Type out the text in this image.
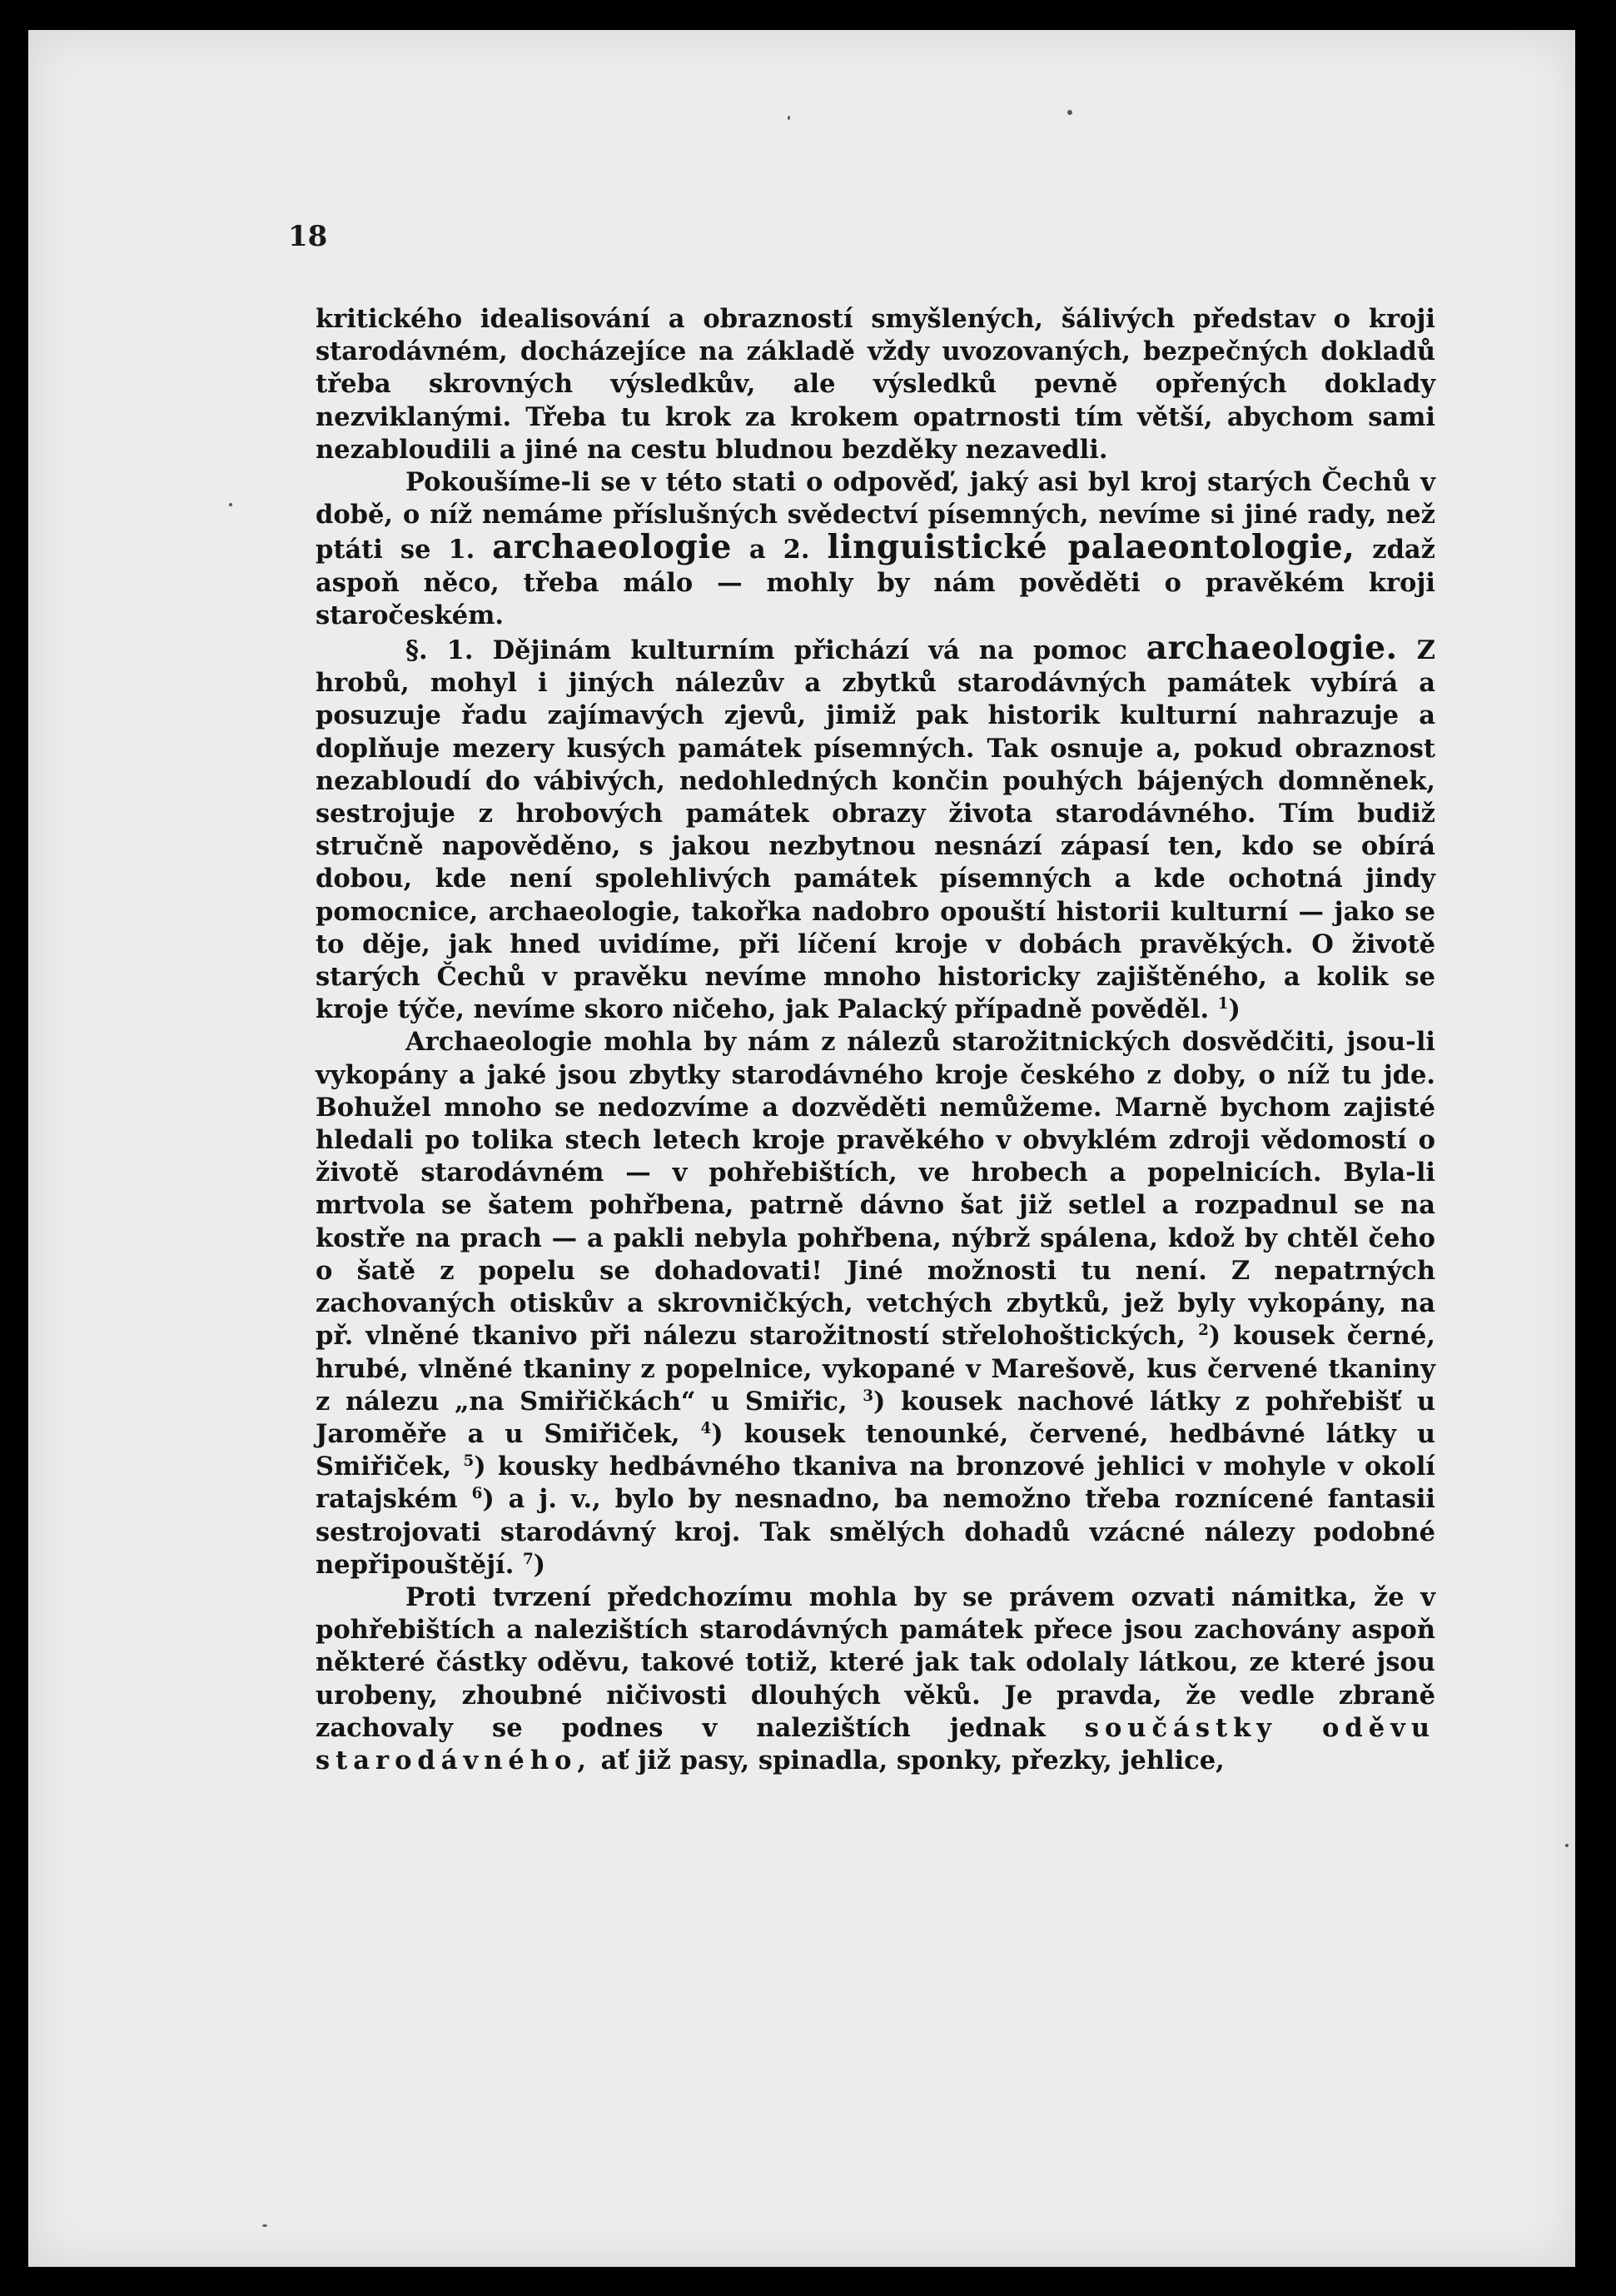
18

kritického idealisování a obrazností smyšlených, šálivých představ o kroji starodávném, docházejíce na základě vždy uvozovaných, bezpečných dokladů třeba skrovných výsledkův, ale výsledků pevně opřených doklady nezviklanými. Třeba tu krok za krokem opatrnosti tím větší, abychom sami nezabloudili a jiné na cestu bludnou bezděky nezavedli.

Pokoušíme-li se v této stati o odpověď, jaký asi byl kroj starých Čechů v době, o níž nemáme příslušných svědectví písemných, nevíme si jiné rady, než ptáti se 1. archaeologie a 2. linguistické palaeontologie, zdaž aspoň něco, třeba málo — mohly by nám pověděti o pravěkém kroji staročeském.

§. 1. Dějinám kulturním přichází vá na pomoc archaeologie. Z hrobů, mohyl i jiných nálezův a zbytků starodávných památek vybírá a posuzuje řadu zajímavých zjevů, jimiž pak historik kulturní nahrazuje a doplňuje mezery kusých památek písemných. Tak osnuje a, pokud obraznost nezabloudí do vábivých, nedohledných končin pouhých bájených domněnek, sestrojuje z hrobových památek obrazy života starodávného. Tím budiž stručně napověděno, s jakou nezbytnou nesnází zápasí ten, kdo se obírá dobou, kde není spolehlivých památek písemných a kde ochotná jindy pomocnice, archaeologie, takořka nadobro opouští historii kulturní — jako se to děje, jak hned uvidíme, při líčení kroje v dobách pravěkých. O životě starých Čechů v pravěku nevíme mnoho historicky zajištěného, a kolik se kroje týče, nevíme skoro ničeho, jak Palacký případně pověděl. $^1$)

Archaeologie mohla by nám z nálezů starožitnických dosvědčiti, jsou-li vykopány a jaké jsou zbytky starodávného kroje českého z doby, o níž tu jde. Bohužel mnoho se nedozvíme a dozvěděti nemůžeme. Marně bychom zajisté hledali po tolika stech letech kroje pravěkého v obvyklém zdroji vědomostí o životě starodávném — v pohřebištích, ve hrobech a popelnicích. Byla-li mrtvola se šatem pohřbena, patrně dávno šat již setlel a rozpadnul se na kostře na prach — a pakli nebyla pohřbena, nýbrž spálena, kdož by chtěl čeho o šatě z popelu se dohadovati! Jiné možnosti tu není. Z nepatrných zachovaných otiskův a skrovničkých, vetchých zbytků, jež byly vykopány, na př. vlněné tkanivo při nálezu starožitností střelohoštických, $^2$) kousek černé, hrubé, vlněné tkaniny z popelnice, vykopané v Marešově, kus červené tkaniny z nálezu „na Smiřičkách“ u Smiřic, $^3$) kousek nachové látky z pohřebišť u Jaroměře a u Smiřiček, $^4$) kousek tenounké, červené, hedbávné látky u Smiřiček, $^5$) kousky hedbávného tkaniva na bronzové jehlici v mohyle v okolí ratajském $^6$) a j. v., bylo by nesnadno, ba nemožno třeba roznícené fantasii sestrojovati starodávný kroj. Tak smělých dohadů vzácné nálezy podobné nepřipouštějí. $^7$)

Proti tvrzení předchozímu mohla by se právem ozvati námitka, že v pohřebištích a nalezištích starodávných památek přece jsou zachovány aspoň některé částky oděvu, takové totiž, které jak tak odolaly látkou, ze které jsou urobeny, zhoubné ničivosti dlouhých věků. Je pravda, že vedle zbraně zachovaly se podnes v nalezištích jednak součástky oděvu starodávného, ať již pasy, spinadla, sponky, přezky, jehlice,
